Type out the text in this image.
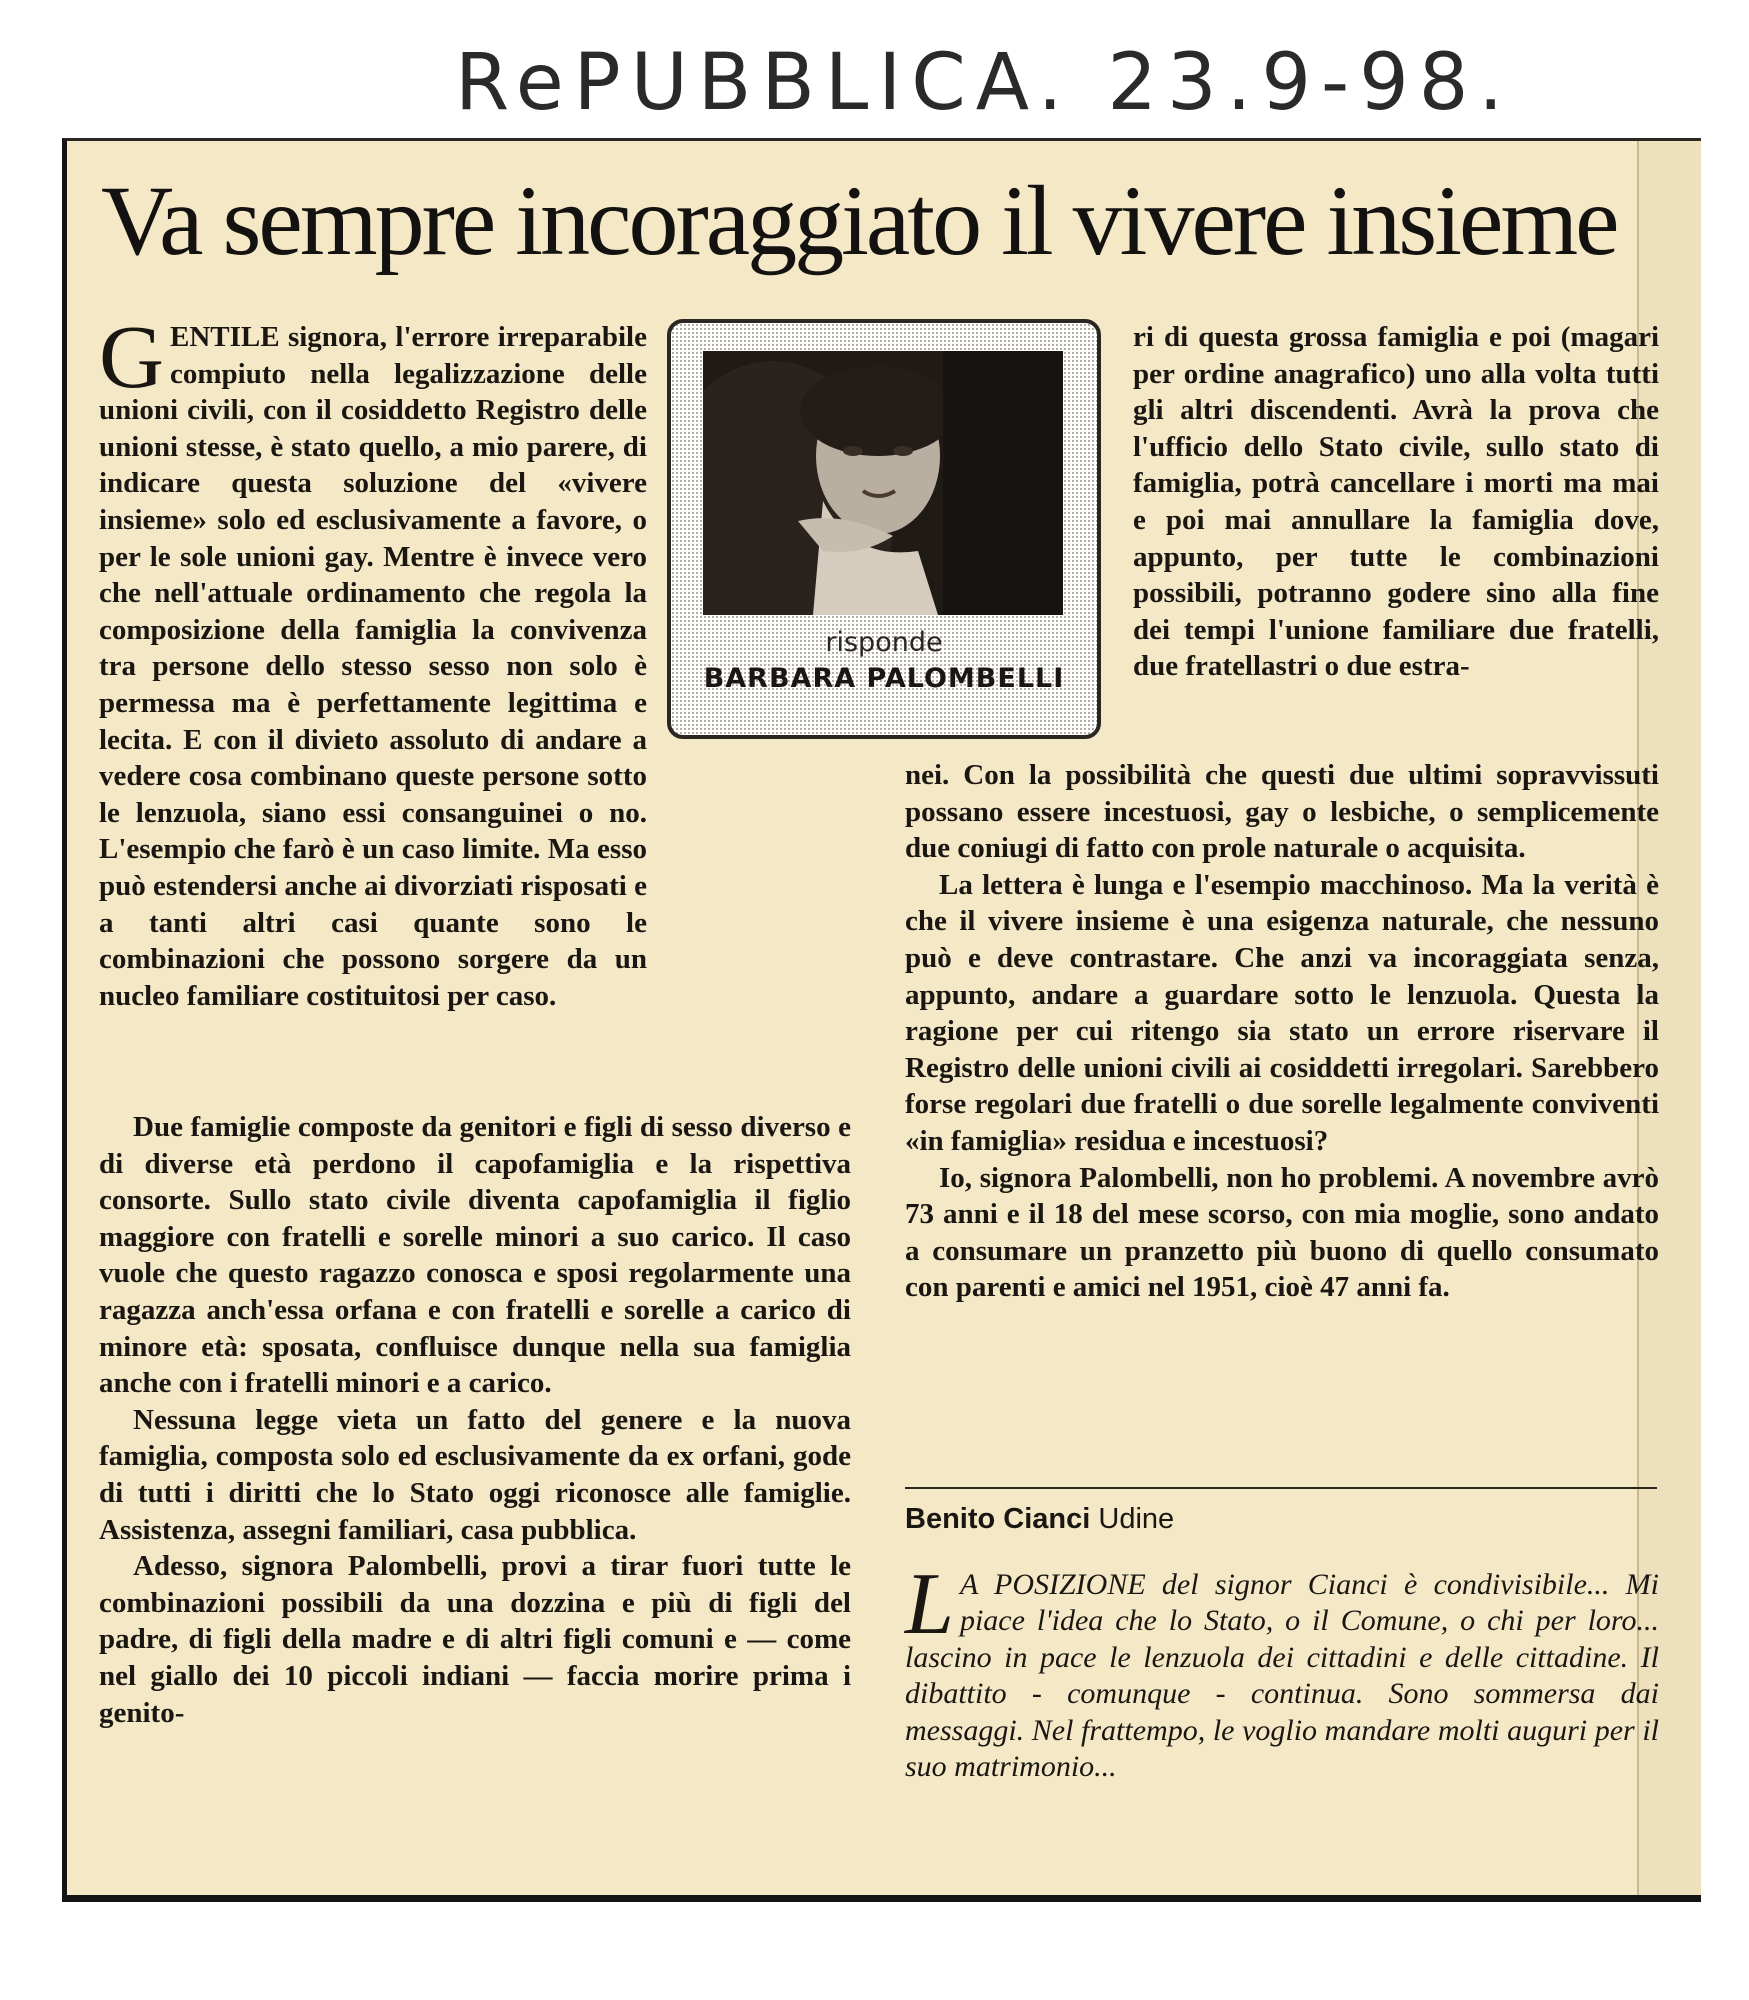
RePUBBLICA. 23.9-98.
Va sempre incoraggiato il vivere insieme

G ENTILE signora, l'errore irreparabile compiuto nella legalizzazione delle unioni civili, con il cosiddetto Registro delle unioni stesse, è stato quello, a mio parere, di indicare questa soluzione del «vivere insieme» solo ed esclusivamente a favore, o per le sole unioni gay. Mentre è invece vero che nell'attuale ordinamento che regola la composizione della famiglia la convivenza tra persone dello stesso sesso non solo è permessa ma è perfettamente legittima e lecita. E con il divieto assoluto di andare a vedere cosa combinano queste persone sotto le lenzuola, siano essi consanguinei o no. L'esempio che farò è un caso limite. Ma esso può estendersi anche ai divorziati risposati e a tanti altri casi quante sono le combinazioni che possono sorgere da un nucleo familiare costituitosi per caso.

risponde
BARBARA PALOMBELLI

ri di questa grossa famiglia e poi (magari per ordine anagrafico) uno alla volta tutti gli altri discendenti. Avrà la prova che l'ufficio dello Stato civile, sullo stato di famiglia, potrà cancellare i morti ma mai e poi mai annullare la famiglia dove, appunto, per tutte le combinazioni possibili, potranno godere sino alla fine dei tempi l'unione familiare due fratelli, due fratellastri o due estra-

Due famiglie composte da genitori e figli di sesso diverso e di diverse età perdono il capofamiglia e la rispettiva consorte. Sullo stato civile diventa capofamiglia il figlio maggiore con fratelli e sorelle minori a suo carico. Il caso vuole che questo ragazzo conosca e sposi regolarmente una ragazza anch'essa orfana e con fratelli e sorelle a carico di minore età: sposata, confluisce dunque nella sua famiglia anche con i fratelli minori e a carico.

Nessuna legge vieta un fatto del genere e la nuova famiglia, composta solo ed esclusivamente da ex orfani, gode di tutti i diritti che lo Stato oggi riconosce alle famiglie. Assistenza, assegni familiari, casa pubblica.

Adesso, signora Palombelli, provi a tirar fuori tutte le combinazioni possibili da una dozzina e più di figli del padre, di figli della madre e di altri figli comuni e — come nel giallo dei 10 piccoli indiani — faccia morire prima i genito-

nei. Con la possibilità che questi due ultimi sopravvissuti possano essere incestuosi, gay o lesbiche, o semplicemente due coniugi di fatto con prole naturale o acquisita.

La lettera è lunga e l'esempio macchinoso. Ma la verità è che il vivere insieme è una esigenza naturale, che nessuno può e deve contrastare. Che anzi va incoraggiata senza, appunto, andare a guardare sotto le lenzuola. Questa la ragione per cui ritengo sia stato un errore riservare il Registro delle unioni civili ai cosiddetti irregolari. Sarebbero forse regolari due fratelli o due sorelle legalmente conviventi «in famiglia» residua e incestuosi?

Io, signora Palombelli, non ho problemi. A novembre avrò 73 anni e il 18 del mese scorso, con mia moglie, sono andato a consumare un pranzetto più buono di quello consumato con parenti e amici nel 1951, cioè 47 anni fa.

Benito Cianci Udine

L A POSIZIONE del signor Cianci è condivisibile... Mi piace l'idea che lo Stato, o il Comune, o chi per loro... lascino in pace le lenzuola dei cittadini e delle cittadine. Il dibattito - comunque - continua. Sono sommersa dai messaggi. Nel frattempo, le voglio mandare molti auguri per il suo matrimonio...
